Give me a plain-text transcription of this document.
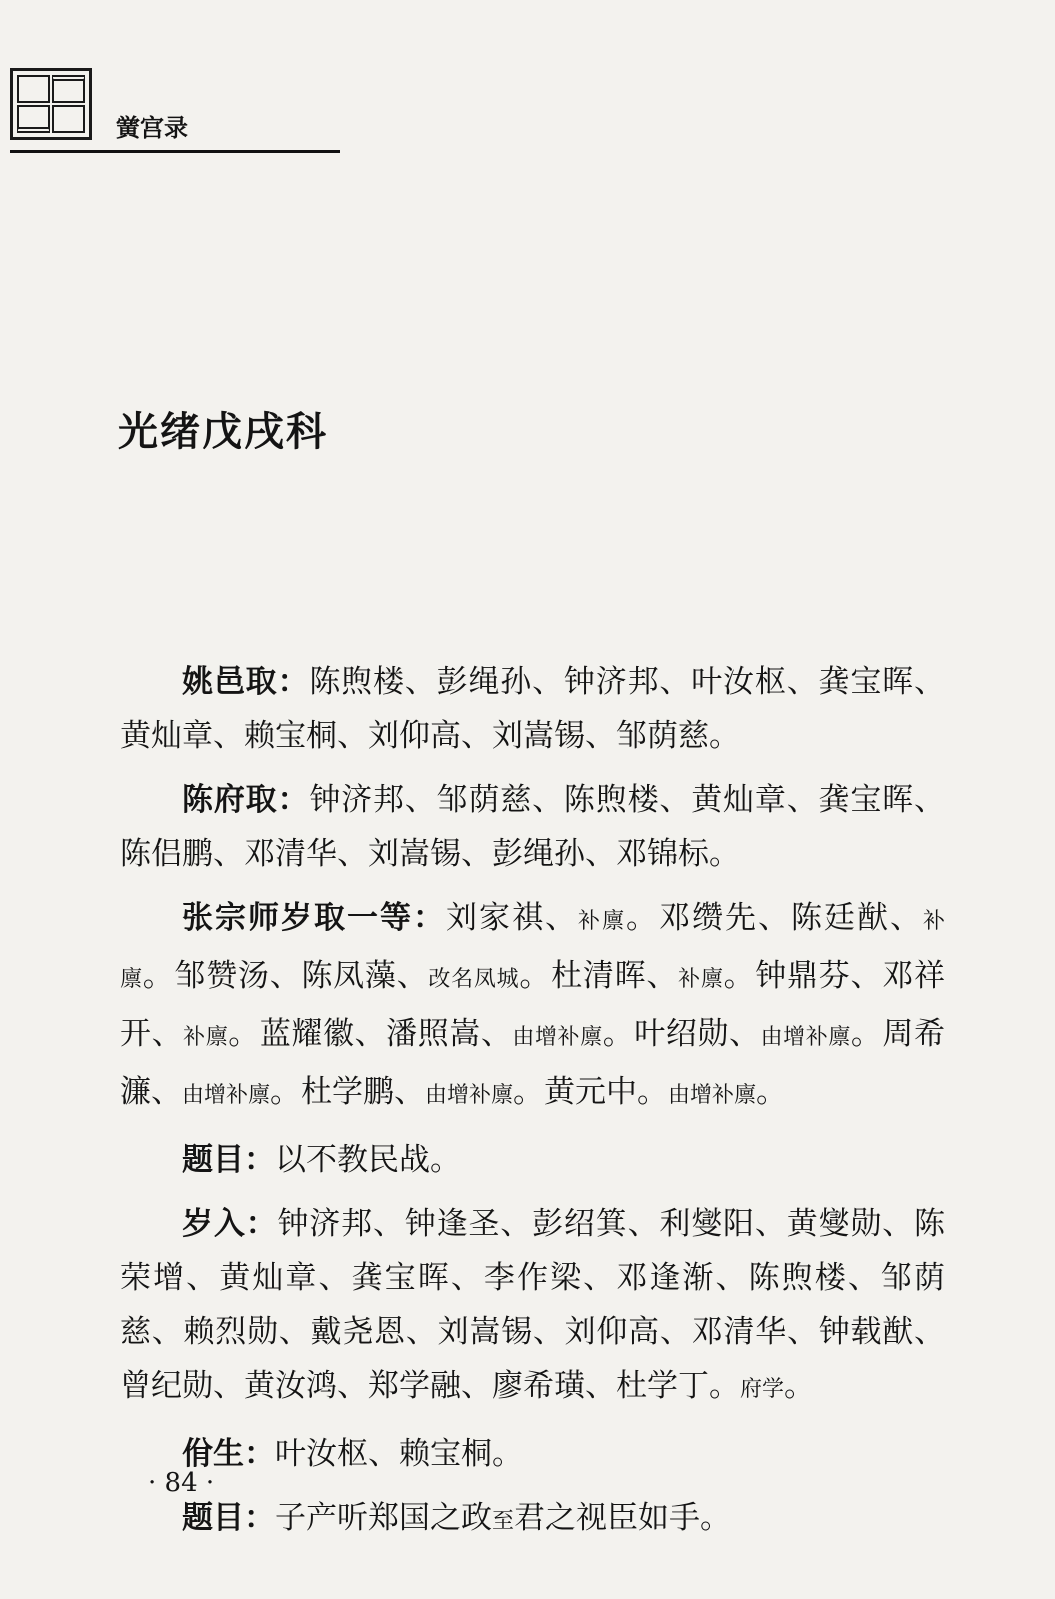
黉宫录
光绪戊戌科

姚邑取：陈煦楼、彭绳孙、钟济邦、叶汝枢、龚宝晖、黄灿章、赖宝桐、刘仰高、刘嵩锡、邹荫慈。

陈府取：钟济邦、邹荫慈、陈煦楼、黄灿章、龚宝晖、陈侣鹏、邓清华、刘嵩锡、彭绳孙、邓锦标。

张宗师岁取一等：刘家祺、补廪。邓缵先、陈廷猷、补廪。邹赞汤、陈凤藻、改名凤城。杜清晖、补廪。钟鼎芬、邓祥开、补廪。蓝耀徽、潘照嵩、由增补廪。叶绍勋、由增补廪。周希濂、由增补廪。杜学鹏、由增补廪。黄元中。由增补廪。

题目：以不教民战。

岁入：钟济邦、钟逢圣、彭绍箕、利燮阳、黄燮勋、陈荣增、黄灿章、龚宝晖、李作梁、邓逢渐、陈煦楼、邹荫慈、赖烈勋、戴尧恩、刘嵩锡、刘仰高、邓清华、钟载猷、曾纪勋、黄汝鸿、郑学融、廖希璜、杜学丁。府学。

佾生：叶汝枢、赖宝桐。

题目：子产听郑国之政至君之视臣如手。

· 84 ·
